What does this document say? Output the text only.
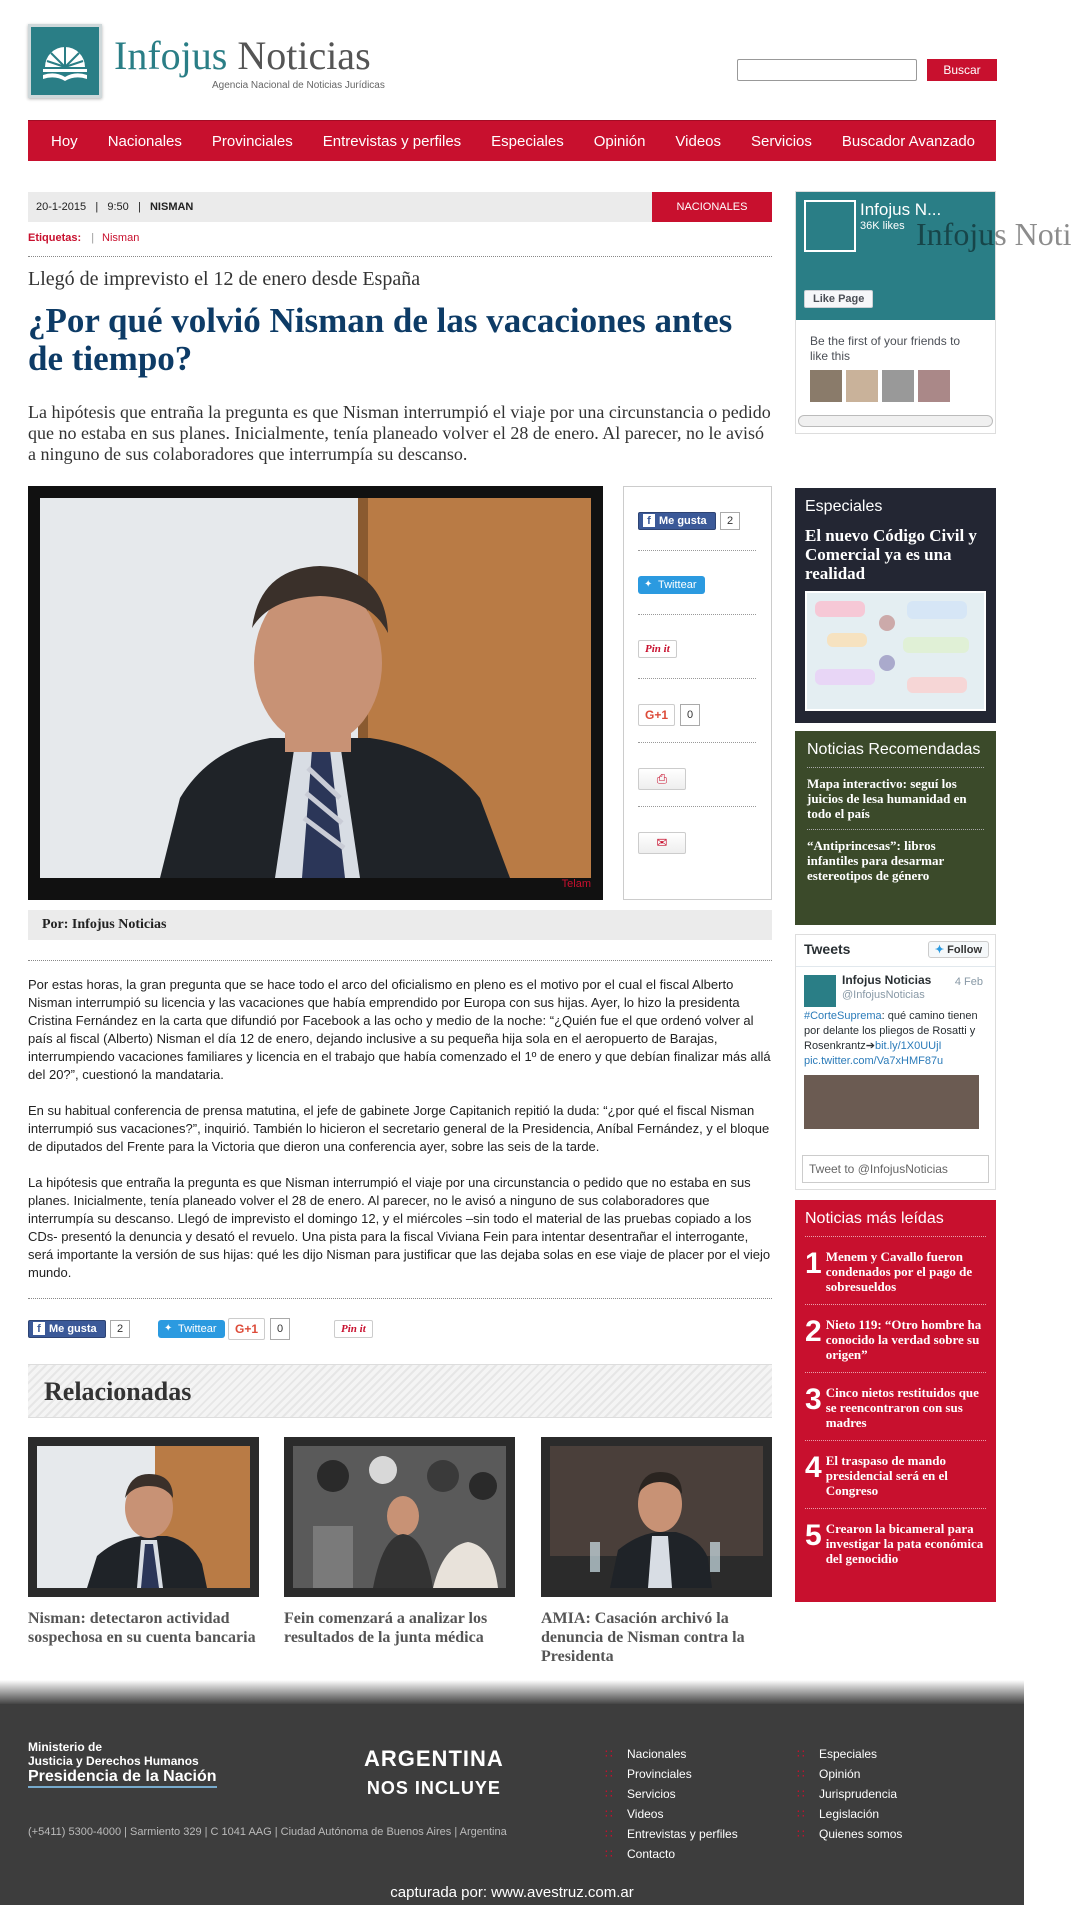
Infojus Noticias
Agencia Nacional de Noticias Jurídicas
Buscar
Hoy	Nacionales	Provinciales	Entrevistas y perfiles	Especiales	Opinión	Videos	Servicios	Buscador Avanzado
20-1-2015   |   9:50   |   NISMAN	NACIONALES
Etiquetas: | Nisman
Llegó de imprevisto el 12 de enero desde España
¿Por qué volvió Nisman de las vacaciones antes de tiempo?

La hipótesis que entraña la pregunta es que Nisman interrumpió el viaje por una circunstancia o pedido que no estaba en sus planes. Inicialmente, tenía planeado volver el 28 de enero. Al parecer, no le avisó a ninguno de sus colaboradores que interrumpía su descanso.

Telam
f Me gusta	2
✦ Twittear
Pin it
G+1	0
⎙
✉
Por: Infojus Noticias

Por estas horas, la gran pregunta que se hace todo el arco del oficialismo en pleno es el motivo por el cual el fiscal Alberto Nisman interrumpió su licencia y las vacaciones que había emprendido por Europa con sus hijas. Ayer, lo hizo la presidenta Cristina Fernández en la carta que difundió por Facebook a las ocho y medio de la noche: “¿Quién fue el que ordenó volver al país al fiscal (Alberto) Nisman el día 12 de enero, dejando inclusive a su pequeña hija sola en el aeropuerto de Barajas, interrumpiendo vacaciones familiares y licencia en el trabajo que había comenzado el 1º de enero y que debían finalizar más allá del 20?”, cuestionó la mandataria.

En su habitual conferencia de prensa matutina, el jefe de gabinete Jorge Capitanich repitió la duda: “¿por qué el fiscal Nisman interrumpió sus vacaciones?”, inquirió. También lo hicieron el secretario general de la Presidencia, Aníbal Fernández, y el bloque de diputados del Frente para la Victoria que dieron una conferencia ayer, sobre las seis de la tarde.

La hipótesis que entraña la pregunta es que Nisman interrumpió el viaje por una circunstancia o pedido que no estaba en sus planes. Inicialmente, tenía planeado volver el 28 de enero. Al parecer, no le avisó a ninguno de sus colaboradores que interrumpía su descanso. Llegó de imprevisto el domingo 12, y el miércoles –sin todo el material de las pruebas copiado a los CDs- presentó la denuncia y desató el revuelo. Una pista para la fiscal Viviana Fein para intentar desentrañar el interrogante, será importante la versión de sus hijas: qué les dijo Nisman para justificar que las dejaba solas en ese viaje de placer por el viejo mundo.

f Me gusta	2
✦	Twittear	G+1	0	Pin it
Relacionadas
Nisman: detectaron actividad sospechosa en su cuenta bancaria
Fein comenzará a analizar los resultados de la junta médica
AMIA: Casación archivó la denuncia de Nisman contra la Presidenta
Infojus Noti
Infojus N...
36K likes
Like Page
Be the first of your friends to like this
Especiales
El nuevo Código Civil y Comercial ya es una realidad
Noticias Recomendadas
Mapa interactivo: seguí los juicios de lesa humanidad en todo el país
“Antiprincesas”: libros infantiles para desarmar estereotipos de género
Tweets	✦ Follow
Infojus Noticias
@InfojusNoticias
4 Feb
#CorteSuprema: qué camino tienen por delante los pliegos de Rosatti y Rosenkrantz➔bit.ly/1X0UUjI
pic.twitter.com/Va7xHMF87u
Tweet to @InfojusNoticias
Noticias más leídas
1 Menem y Cavallo fueron condenados por el pago de sobresueldos
2 Nieto 119: “Otro hombre ha conocido la verdad sobre su origen”
3 Cinco nietos restituidos que se reencontraron con sus madres
4 El traspaso de mando presidencial será en el Congreso
5 Crearon la bicameral para investigar la pata económica del genocidio
Ministerio de
Justicia y Derechos Humanos
Presidencia de la Nación
ARGENTINA
NOS INCLUYE
(+5411) 5300-4000 | Sarmiento 329 | C 1041 AAG | Ciudad Autónoma de Buenos Aires | Argentina
∷ Nacionales
∷ Provinciales
∷ Servicios
∷ Videos
∷ Entrevistas y perfiles
∷ Contacto
∷ Especiales
∷ Opinión
∷ Jurisprudencia
∷ Legislación
∷ Quienes somos
capturada por: www.avestruz.com.ar
